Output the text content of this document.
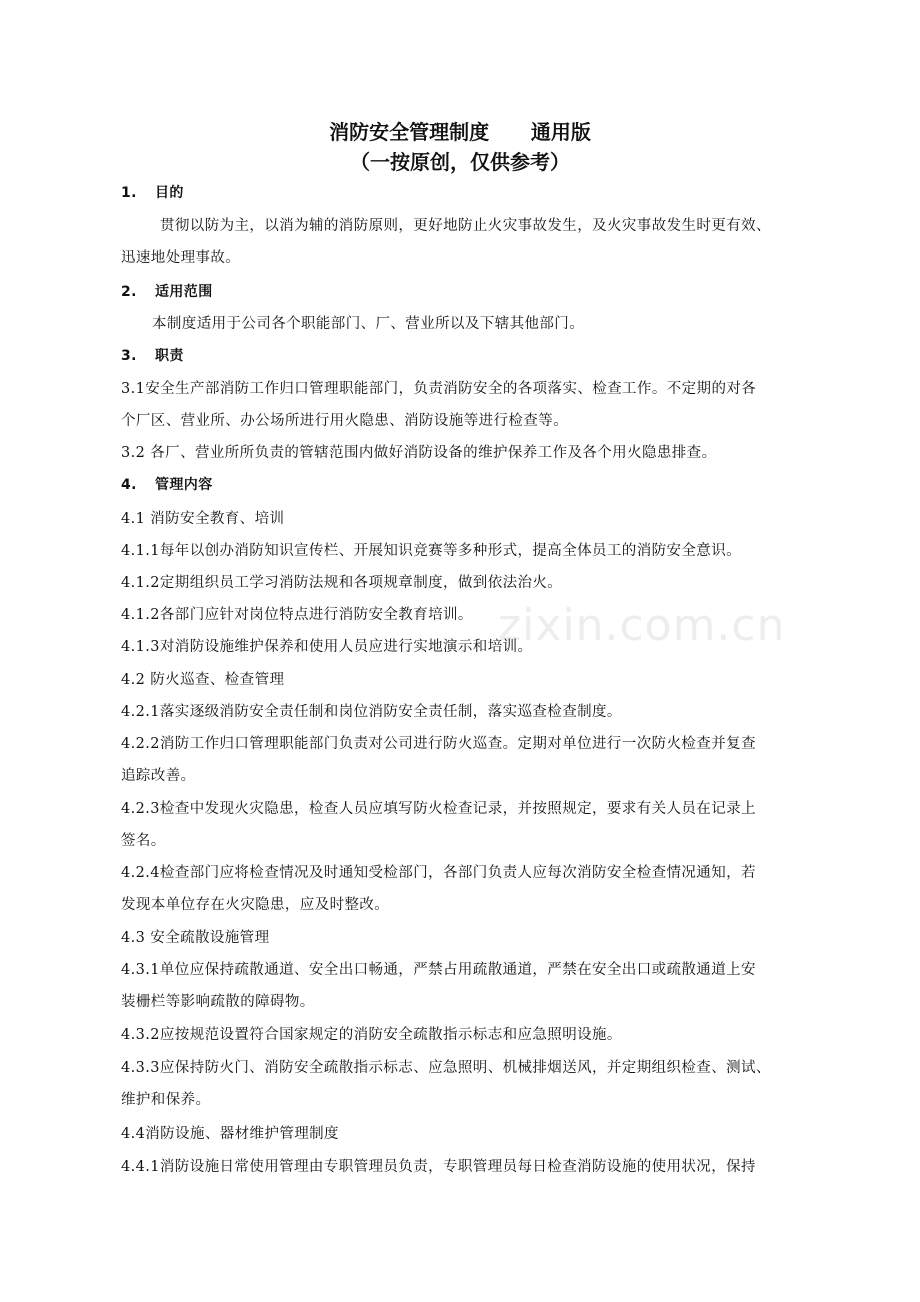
zixin.com.cn
消防安全管理制度      通用版
（一按原创，仅供参考）
1. 目的
贯彻以防为主，以消为辅的消防原则，更好地防止火灾事故发生，及火灾事故发生时更有效、
迅速地处理事故。
2. 适用范围
本制度适用于公司各个职能部门、厂、营业所以及下辖其他部门。
3. 职责
3.1安全生产部消防工作归口管理职能部门，负责消防安全的各项落实、检查工作。不定期的对各
个厂区、营业所、办公场所进行用火隐患、消防设施等进行检查等。
3.2 各厂、营业所所负责的管辖范围内做好消防设备的维护保养工作及各个用火隐患排查。
4. 管理内容
4.1 消防安全教育、培训
4.1.1每年以创办消防知识宣传栏、开展知识竞赛等多种形式，提高全体员工的消防安全意识。
4.1.2定期组织员工学习消防法规和各项规章制度，做到依法治火。
4.1.2各部门应针对岗位特点进行消防安全教育培训。
4.1.3对消防设施维护保养和使用人员应进行实地演示和培训。
4.2 防火巡查、检查管理
4.2.1落实逐级消防安全责任制和岗位消防安全责任制，落实巡查检查制度。
4.2.2消防工作归口管理职能部门负责对公司进行防火巡查。定期对单位进行一次防火检查并复查
追踪改善。
4.2.3检查中发现火灾隐患，检查人员应填写防火检查记录，并按照规定，要求有关人员在记录上
签名。
4.2.4检查部门应将检查情况及时通知受检部门，各部门负责人应每次消防安全检查情况通知，若
发现本单位存在火灾隐患，应及时整改。
4.3 安全疏散设施管理
4.3.1单位应保持疏散通道、安全出口畅通，严禁占用疏散通道，严禁在安全出口或疏散通道上安
装栅栏等影响疏散的障碍物。
4.3.2应按规范设置符合国家规定的消防安全疏散指示标志和应急照明设施。
4.3.3应保持防火门、消防安全疏散指示标志、应急照明、机械排烟送风，并定期组织检查、测试、
维护和保养。
4.4消防设施、器材维护管理制度
4.4.1消防设施日常使用管理由专职管理员负责，专职管理员每日检查消防设施的使用状况，保持
